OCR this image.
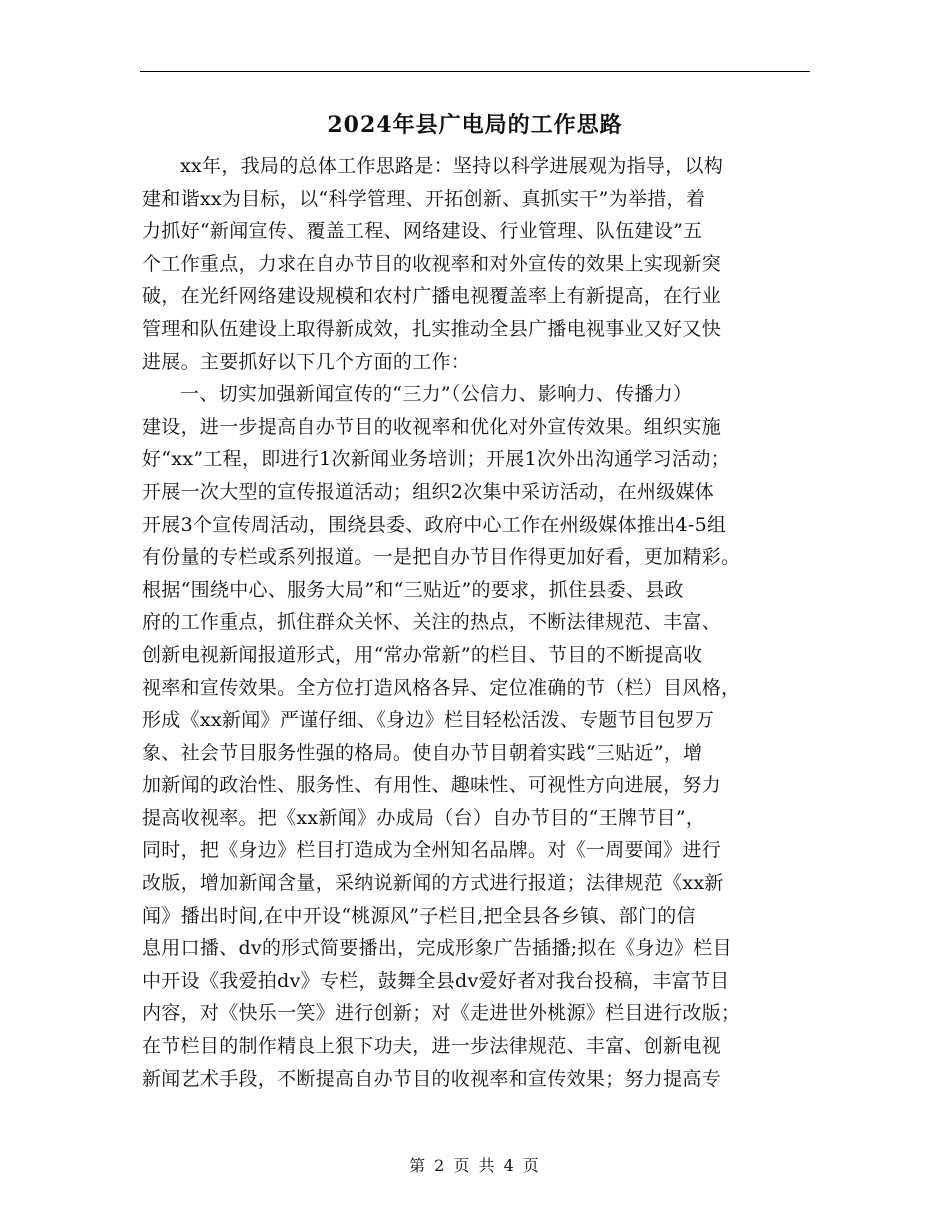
2024年县广电局的工作思路
xx年，我局的总体工作思路是：坚持以科学进展观为指导，以构
建和谐xx为目标，以“科学管理、开拓创新、真抓实干”为举措，着
力抓好“新闻宣传、覆盖工程、网络建设、行业管理、队伍建设”五
个工作重点，力求在自办节目的收视率和对外宣传的效果上实现新突
破，在光纤网络建设规模和农村广播电视覆盖率上有新提高，在行业
管理和队伍建设上取得新成效，扎实推动全县广播电视事业又好又快
进展。主要抓好以下几个方面的工作：
一、切实加强新闻宣传的“三力”（公信力、影响力、传播力）
建设，进一步提高自办节目的收视率和优化对外宣传效果。组织实施
好“xx”工程，即进行1次新闻业务培训；开展1次外出沟通学习活动；
开展一次大型的宣传报道活动；组织2次集中采访活动，在州级媒体
开展3个宣传周活动，围绕县委、政府中心工作在州级媒体推出4-5组
有份量的专栏或系列报道。一是把自办节目作得更加好看，更加精彩。
根据“围绕中心、服务大局”和“三贴近”的要求，抓住县委、县政
府的工作重点，抓住群众关怀、关注的热点，不断法律规范、丰富、
创新电视新闻报道形式，用“常办常新”的栏目、节目的不断提高收
视率和宣传效果。全方位打造风格各异、定位准确的节（栏）目风格，
形成《xx新闻》严谨仔细、《身边》栏目轻松活泼、专题节目包罗万
象、社会节目服务性强的格局。使自办节目朝着实践“三贴近”，增
加新闻的政治性、服务性、有用性、趣味性、可视性方向进展，努力
提高收视率。把《xx新闻》办成局（台）自办节目的“王牌节目”，
同时，把《身边》栏目打造成为全州知名品牌。对《一周要闻》进行
改版，增加新闻含量，采纳说新闻的方式进行报道；法律规范《xx新
闻》播出时间,在中开设“桃源风”子栏目,把全县各乡镇、部门的信
息用口播、dv的形式简要播出，完成形象广告插播;拟在《身边》栏目
中开设《我爱拍dv》专栏，鼓舞全县dv爱好者对我台投稿，丰富节目
内容，对《快乐一笑》进行创新；对《走进世外桃源》栏目进行改版；
在节栏目的制作精良上狠下功夫，进一步法律规范、丰富、创新电视
新闻艺术手段，不断提高自办节目的收视率和宣传效果；努力提高专
第 2 页 共 4 页
